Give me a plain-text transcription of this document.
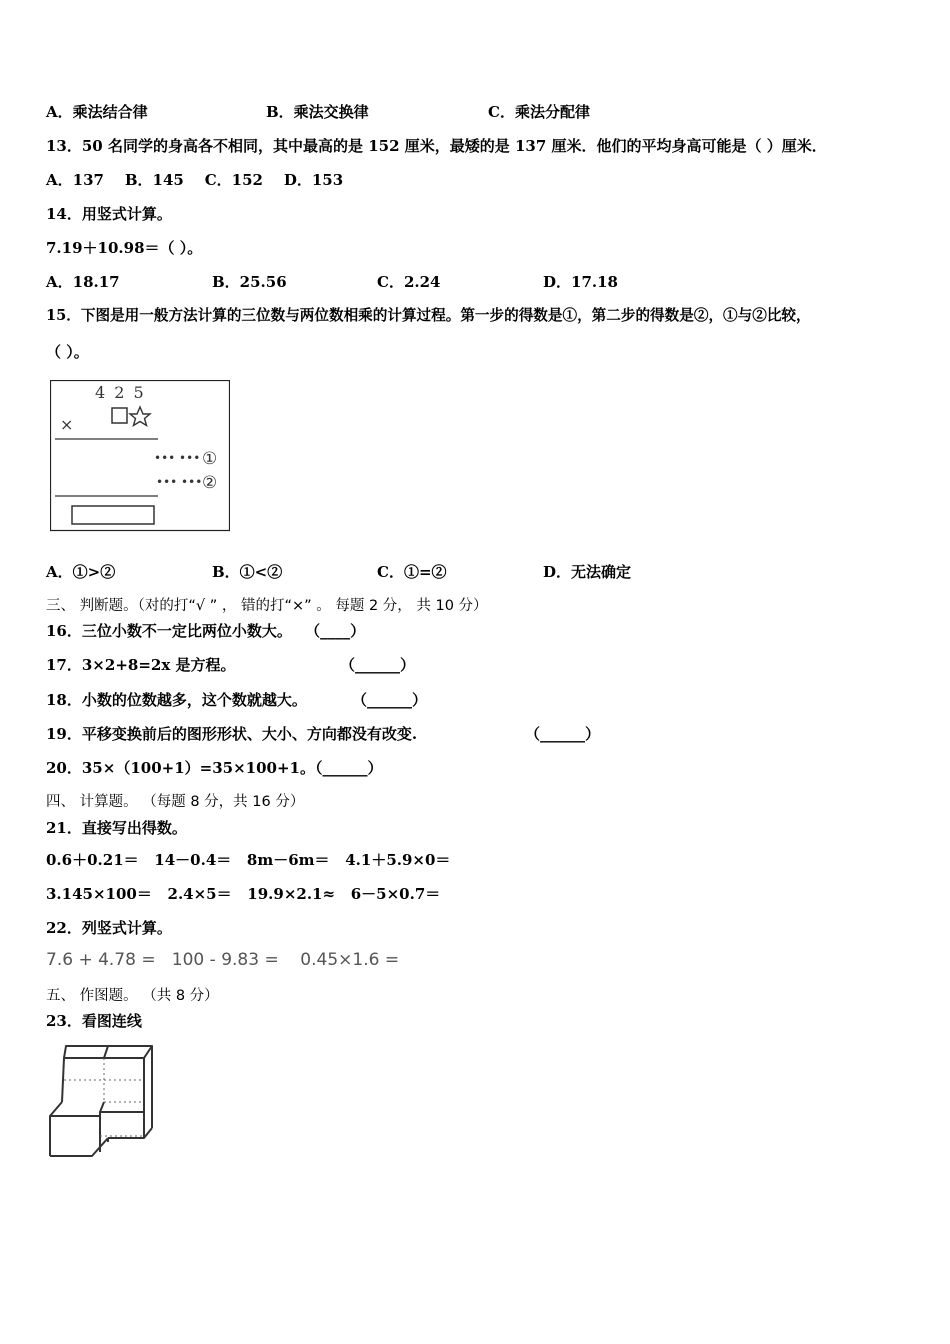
A．乘法结合律	B．乘法交换律	C．乘法分配律
13．50 名同学的身高各不相同，其中最高的是 152 厘米，最矮的是 137 厘米．他们的平均身高可能是（ ）厘米．
A．137    B．145    C．152    D．153
14．用竖式计算。
7.19＋10.98＝（ ）。
A．18.17	B．25.56	C．2.24	D．17.18
15．下图是用一般方法计算的三位数与两位数相乘的计算过程。第一步的得数是①，第二步的得数是②，①与②比较，
（ ）。
4 2 5
×
••• ••• ①
••• ••• ②
A．①>②	B．①<②	C．①=②	D．无法确定
三、 判断题。（对的打“√ ” ， 错的打“×” 。 每题 2 分， 共 10 分）
16．三位小数不一定比两位小数大。 （____）
17．3×2+8=2x 是方程。	（______）
18．小数的位数越多，这个数就越大。	（______）
19．平移变换前后的图形形状、大小、方向都没有改变.	（______）
20．35×（100+1）=35×100+1。（______）
四、 计算题。 （每题 8 分，共 16 分）
21．直接写出得数。
0.6＋0.21＝   14－0.4＝   8m－6m＝   4.1＋5.9×0＝
3.145×100＝   2.4×5＝   19.9×2.1≈   6－5×0.7＝
22．列竖式计算。
7.6 + 4.78 =   100 - 9.83 =    0.45×1.6 =
五、 作图题。 （共 8 分）
23．看图连线
